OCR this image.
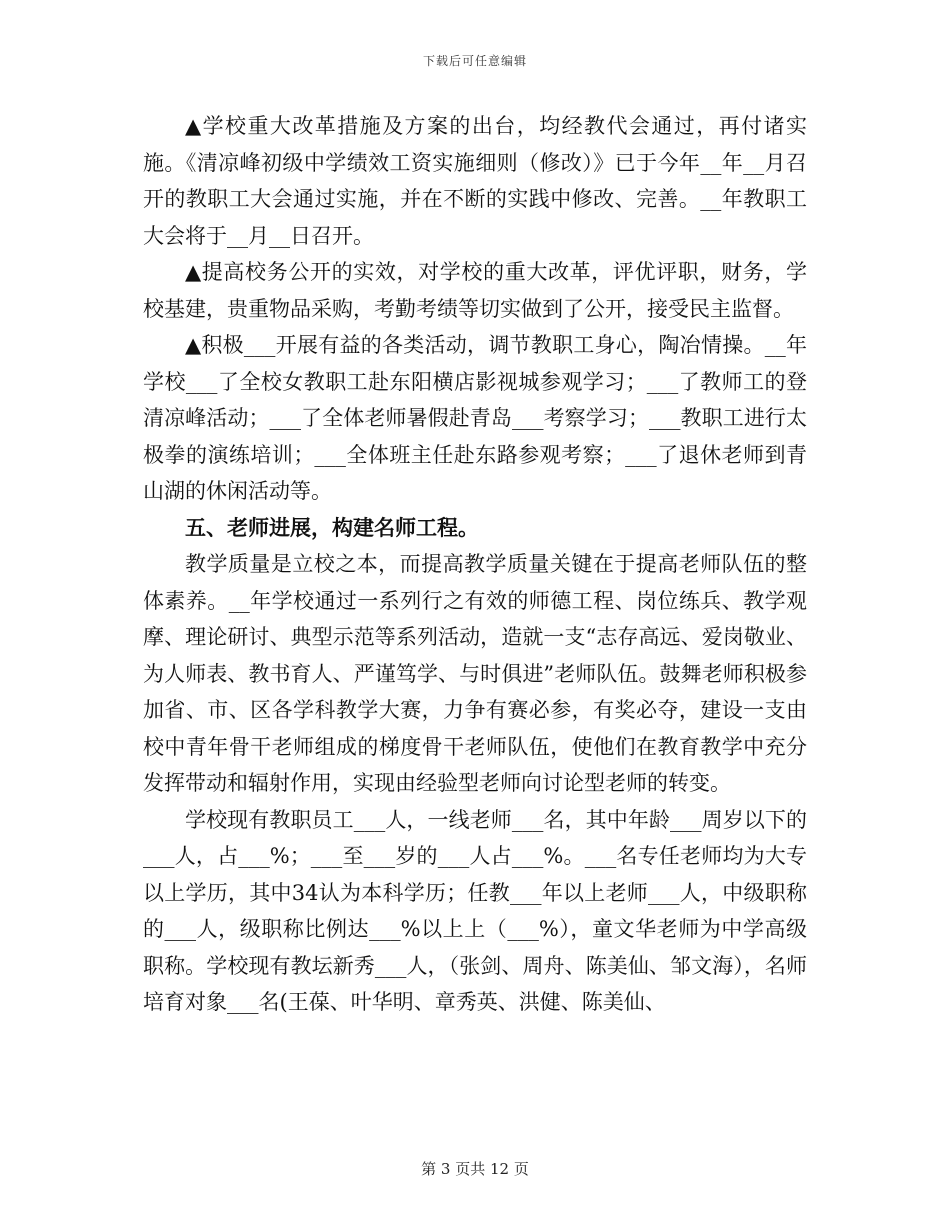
下载后可任意编辑

▲学校重大改革措施及方案的出台，均经教代会通过，再付诸实施。《清凉峰初级中学绩效工资实施细则（修改）》已于今年__年__月召开的教职工大会通过实施，并在不断的实践中修改、完善。__年教职工大会将于__月__日召开。

▲提高校务公开的实效，对学校的重大改革，评优评职，财务，学校基建，贵重物品采购，考勤考绩等切实做到了公开，接受民主监督。

▲积极___开展有益的各类活动，调节教职工身心，陶冶情操。__年学校___了全校女教职工赴东阳横店影视城参观学习；___了教师工的登清凉峰活动；___了全体老师暑假赴青岛___考察学习；___教职工进行太极拳的演练培训；___全体班主任赴东路参观考察；___了退休老师到青山湖的休闲活动等。

五、老师进展，构建名师工程。

教学质量是立校之本，而提高教学质量关键在于提高老师队伍的整体素养。__年学校通过一系列行之有效的师德工程、岗位练兵、教学观摩、理论研讨、典型示范等系列活动，造就一支“志存高远、爱岗敬业、为人师表、教书育人、严谨笃学、与时俱进”老师队伍。鼓舞老师积极参加省、市、区各学科教学大赛，力争有赛必参，有奖必夺，建设一支由校中青年骨干老师组成的梯度骨干老师队伍，使他们在教育教学中充分发挥带动和辐射作用，实现由经验型老师向讨论型老师的转变。

学校现有教职员工___人，一线老师___名，其中年龄___周岁以下的___人，占___%；___至___岁的___人占___%。___名专任老师均为大专以上学历，其中34认为本科学历；任教___年以上老师___人，中级职称的___人，级职称比例达___%以上上（___%），童文华老师为中学高级职称。学校现有教坛新秀___人，（张剑、周舟、陈美仙、邹文海），名师培育对象___名(王葆、叶华明、章秀英、洪健、陈美仙、

第 3 页共 12 页
